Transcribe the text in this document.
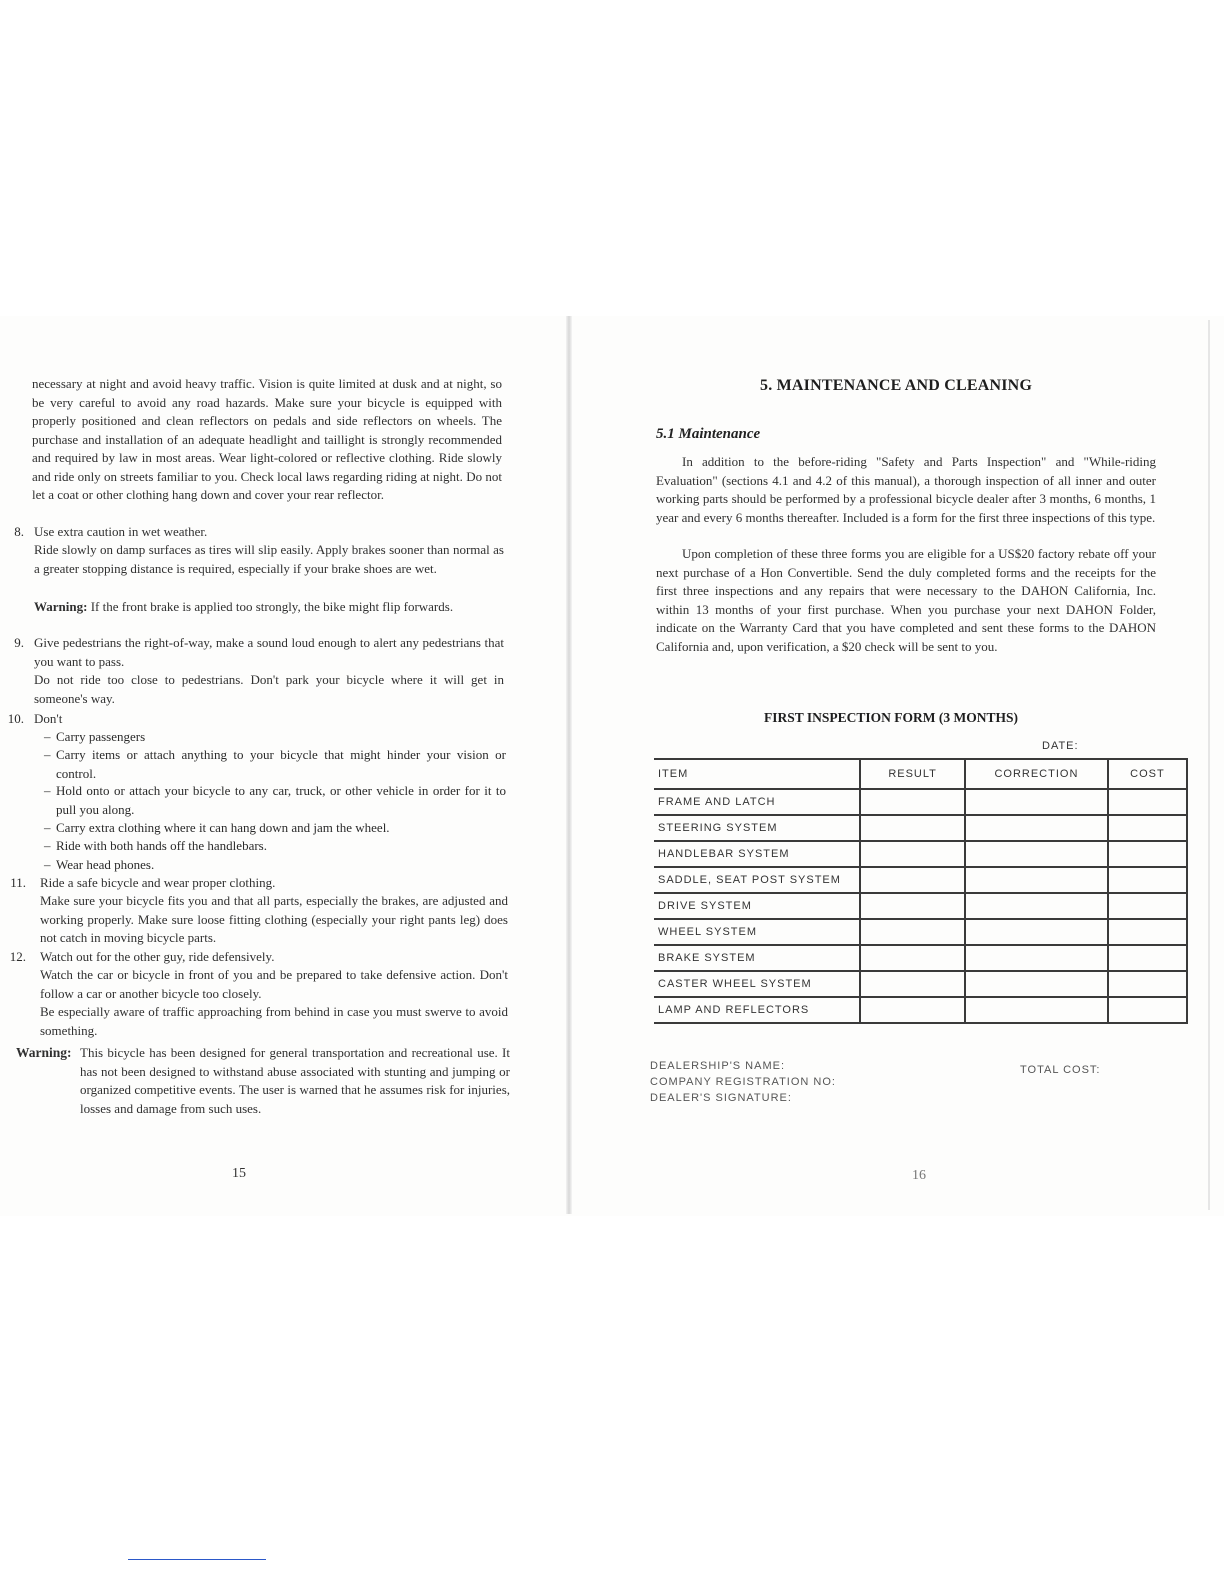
necessary at night and avoid heavy traffic. Vision is quite limited at dusk and at night, so be very careful to avoid any road hazards. Make sure your bicycle is equipped with properly positioned and clean reflectors on pedals and side reflectors on wheels. The purchase and installation of an adequate headlight and taillight is strongly recommended and required by law in most areas. Wear light-colored or reflective clothing. Ride slowly and ride only on streets familiar to you. Check local laws regarding riding at night. Do not let a coat or other clothing hang down and cover your rear reflector.

8. Use extra caution in wet weather.

Ride slowly on damp surfaces as tires will slip easily. Apply brakes sooner than normal as a greater stopping distance is required, especially if your brake shoes are wet.

Warning: If the front brake is applied too strongly, the bike might flip forwards.

9. Give pedestrians the right-of-way, make a sound loud enough to alert any pedestrians that you want to pass.

Do not ride too close to pedestrians. Don't park your bicycle where it will get in someone's way.

10. Don't

– Carry passengers
– Carry items or attach anything to your bicycle that might hinder your vision or control.
– Hold onto or attach your bicycle to any car, truck, or other vehicle in order for it to pull you along.
– Carry extra clothing where it can hang down and jam the wheel.
– Ride with both hands off the handlebars.
– Wear head phones.
11. Ride a safe bicycle and wear proper clothing.

Make sure your bicycle fits you and that all parts, especially the brakes, are adjusted and working properly. Make sure loose fitting clothing (especially your right pants leg) does not catch in moving bicycle parts.

12. Watch out for the other guy, ride defensively.

Watch the car or bicycle in front of you and be prepared to take defensive action. Don't follow a car or another bicycle too closely.

Be especially aware of traffic approaching from behind in case you must swerve to avoid something.

Warning: This bicycle has been designed for general transportation and recreational use. It has not been designed to withstand abuse associated with stunting and jumping or organized competitive events. The user is warned that he assumes risk for injuries, losses and damage from such uses.

15
5. MAINTENANCE AND CLEANING
5.1 Maintenance

In addition to the before-riding "Safety and Parts Inspection" and "While-riding Evaluation" (sections 4.1 and 4.2 of this manual), a thorough inspection of all inner and outer working parts should be performed by a professional bicycle dealer after 3 months, 6 months, 1 year and every 6 months thereafter. Included is a form for the first three inspections of this type.

Upon completion of these three forms you are eligible for a US$20 factory rebate off your next purchase of a Hon Convertible. Send the duly completed forms and the receipts for the first three inspections and any repairs that were necessary to the DAHON California, Inc. within 13 months of your first purchase. When you purchase your next DAHON Folder, indicate on the Warranty Card that you have completed and sent these forms to the DAHON California and, upon verification, a $20 check will be sent to you.

FIRST INSPECTION FORM (3 MONTHS)
DATE:
ITEM	RESULT	CORRECTION	COST
FRAME AND LATCH			
STEERING SYSTEM			
HANDLEBAR SYSTEM			
SADDLE, SEAT POST SYSTEM			
DRIVE SYSTEM			
WHEEL SYSTEM			
BRAKE SYSTEM			
CASTER WHEEL SYSTEM			
LAMP AND REFLECTORS			
DEALERSHIP'S NAME:
COMPANY REGISTRATION NO:
DEALER'S SIGNATURE:
TOTAL COST:
16
